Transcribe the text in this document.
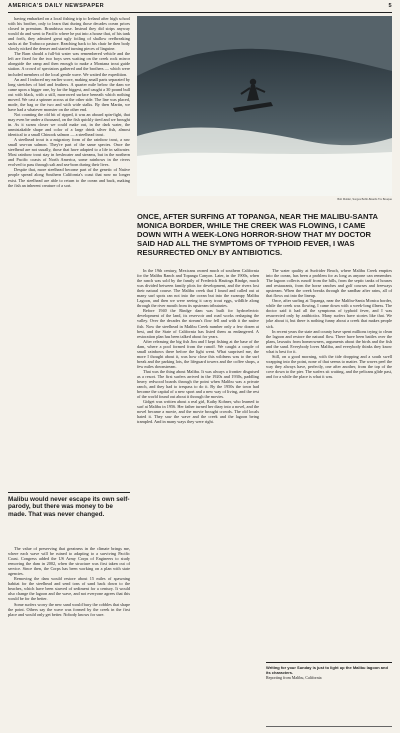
AMERICA'S DAILY NEWSPAPER	5

having embarked on a local fishing trip to Ireland after high school with his brother, only to learn that during those decades ocean prices closed in premium. Brandrissa rose. Instead they did strips anyway would do and went to Pacific where he put into a house that, of his tank and forth, they admired great ugly foiling of shallow reefbreaking sacks at the Trabucco pasture. Reaching back to his chair he then body slowly nicked the denser and started turning pieces of linguine.

The Barn should a full-bit water was remembered vehicle and the left are fixed for the two boys sees waiting on the creek rock mirror alongside the ramp and then enough to make a Montana trout guide station. A crowd of spectators gathered and the brothers — which were included members of the local gentle wave. We waited the expedition.

An and I induced my earlier score, making small parts separated by long stretches of bird and feathers. A quarter mile below the dam we came upon a bigger one, by far the biggest, and caught a 30 pound bull out with black, with a still, morrowed surface beneath which nothing moved. We cast a spinner across at the other side. The line was placed, mode, the bag or the two and with wide stalks. By then Martin, we have had a whatever monster on the other end.

Not counting the old bit of ripped, it was an aboard spin-fight, that may even be under a thousand, on the fish quickly tired and we brought in. As it swam closer we could make out, in the dark water, the unmistakable shape and color of a large drink silver fish, almost identical to a small Chinook salmon — a steelhead trout.

A steelhead trout is a migratory form of the rainbow trout, a raw small sea-run salmon. They're part of the same species. Once the steelhead are not usually, those that have adapted to a life in saltwater. Most rainbow trout stay in freshwater and streams, but in the northern and Pacific coasts of North America, some rainbows in the rivers evolved to pass through salt and sea-born during their lives.

Despite that, more steelhead become part of the genetic of Native people spread along Southern California's coast that now no longer exist. The steelhead are able to return to the ocean and back, making the fish an inherent creature of a sort.

Malibu would never escape its own self-parody, but there was money to be made. That was never changed.

The value of preserving that greatness in the climate brings me, where each wave will be ruined to adapting to a surviving Pacific Coast. Congress added the US Army Corps of Engineers to study removing the dam in 2002, when the structure was first taken out of service. Since then, the Corps has been working on a plan with state agencies.

Removing the dam would restore about 15 miles of spawning habitat for the steelhead and send tons of sand back down to the beaches, which have been starved of sediment for a century. It would also change the lagoon and the wave, and not everyone agrees that this would be for the better.

Some surfers worry the new sand would bury the cobbles that shape the point. Others say the wave was formed by the creek in the first place and would only get better. Nobody knows for sure.

Bob Mulder, Surges Bobb-Boards Tre Bouque
ONCE, AFTER SURFING AT TOPANGA, NEAR THE MALIBU-SANTA MONICA BORDER, WHILE THE CREEK WAS FLOWING, I CAME DOWN WITH A WEEK-LONG HORROR-SHOW THAT MY DOCTOR SAID HAD ALL THE SYMPTOMS OF TYPHOID FEVER, I WAS RESURRECTED ONLY BY ANTIBIOTICS.

In the 19th century, Mexicans owned much of southern California for the Malibu Ranch and Topanga Canyon. Later, in the 1900s, when the ranch was sold by the family of Frederick Hastings Rindge, much was divided between family plots for development, and the rivers lost their natural course. The Malibu creek that I found and called out at many surf spots ran not into the ocean but into the swampy Malibu Lagoon, and then we were seeing it carry trout eggs, wildlife along through the river mouth from its upstream tributaries.

Before 1940 the Rindge dam was built for hydroelectric development of the land, its reservoir and road works reshaping the valley. Over the decades the stream's flow fell and with it the native fish. Now the steelhead in Malibu Creek number only a few dozen at best, and the State of California has listed them as endangered. A restoration plan has been talked about for years.

After releasing the big fish Jim and I kept fishing at the base of the dam, where a pool formed from the runoff. We caught a couple of small rainbows there before the light went. What surprised me, the more I thought about it, was how close this wildness was to the surf break and the parking lots, the lifeguard towers and the coffee shops, a few miles downstream.

That was the thing about Malibu. It was always a frontier disguised as a resort. The first surfers arrived in the 1920s and 1930s, paddling heavy redwood boards through the point when Malibu was a private ranch, and they had to trespass to do it. By the 1950s the town had become the capital of a new sport and a new way of living, and the rest of the world found out about it through the movies.

Gidget was written about a real girl, Kathy Kohner, who learned to surf at Malibu in 1956. Her father turned her diary into a novel, and the novel became a movie, and the movie brought crowds. The old locals hated it. They saw the wave and the creek and the lagoon being trampled. And in many ways they were right.

The water quality at Surfrider Beach, where Malibu Creek empties into the ocean, has been a problem for as long as anyone can remember. The lagoon collects runoff from the hills, from the septic tanks of houses and restaurants, from the horse ranches and golf courses and freeways upstream. When the creek breaks through the sandbar after rains, all of that flows out into the lineup.

Once, after surfing at Topanga, near the Malibu-Santa Monica border, while the creek was flowing, I came down with a week-long illness. The doctor said it had all the symptoms of typhoid fever, and I was resurrected only by antibiotics. Many surfers have stories like that. We joke about it, but there is nothing funny about a creek that makes people sick.

In recent years the state and county have spent millions trying to clean the lagoon and restore the natural flow. There have been battles over the plans, lawsuits from homeowners, arguments about the birds and the fish and the sand. Everybody loves Malibu, and everybody thinks they know what is best for it.

Still, on a good morning, with the tide dropping and a south swell wrapping into the point, none of that seems to matter. The waves peel the way they always have, perfectly, one after another, from the top of the cove down to the pier. The surfers sit waiting, and the pelicans glide past, and for a while the place is what it was.

Writing for your Sunday is just to light up the Malibu lagoon and its characters.
Reporting from Malibu, California
